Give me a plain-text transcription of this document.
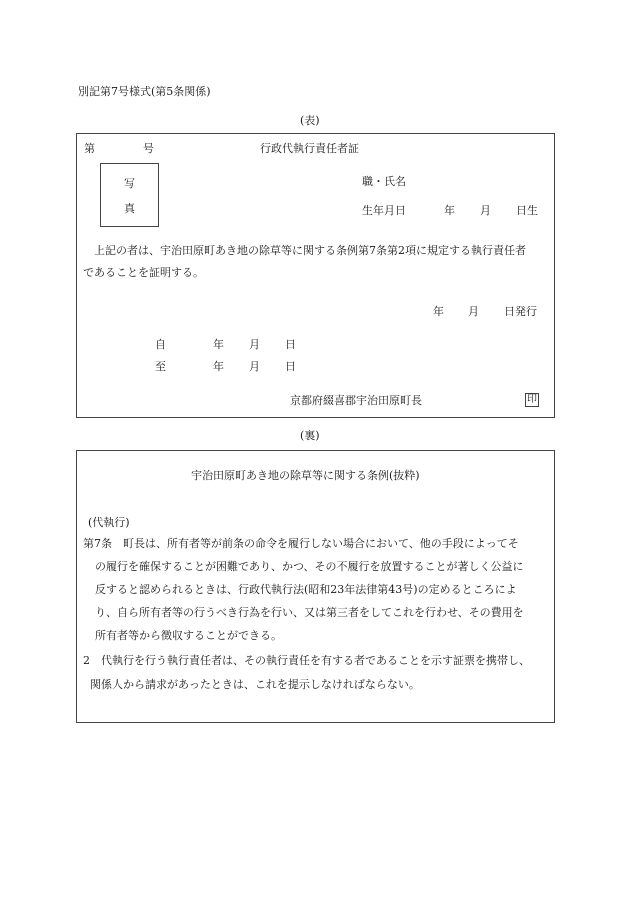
別記第7号様式(第5条関係)
(表)
第	号	行政代執行責任者証
写
真
職・氏名
生年月日	年 月 日生
上記の者は、宇治田原町あき地の除草等に関する条例第7条第2項に規定する執行責任者
であることを証明する。
年 月 日発行
自	年 月 日
至	年 月 日
京都府綴喜郡宇治田原町長	印
(裏)
宇治田原町あき地の除草等に関する条例(抜粋)
(代執行)
第7条　町長は、所有者等が前条の命令を履行しない場合において、他の手段によってそ
の履行を確保することが困難であり、かつ、その不履行を放置することが著しく公益に
反すると認められるときは、行政代執行法(昭和23年法律第43号)の定めるところによ
り、自ら所有者等の行うべき行為を行い、又は第三者をしてこれを行わせ、その費用を
所有者等から徴収することができる。
2　代執行を行う執行責任者は、その執行責任を有する者であることを示す証票を携帯し、
関係人から請求があったときは、これを提示しなければならない。
